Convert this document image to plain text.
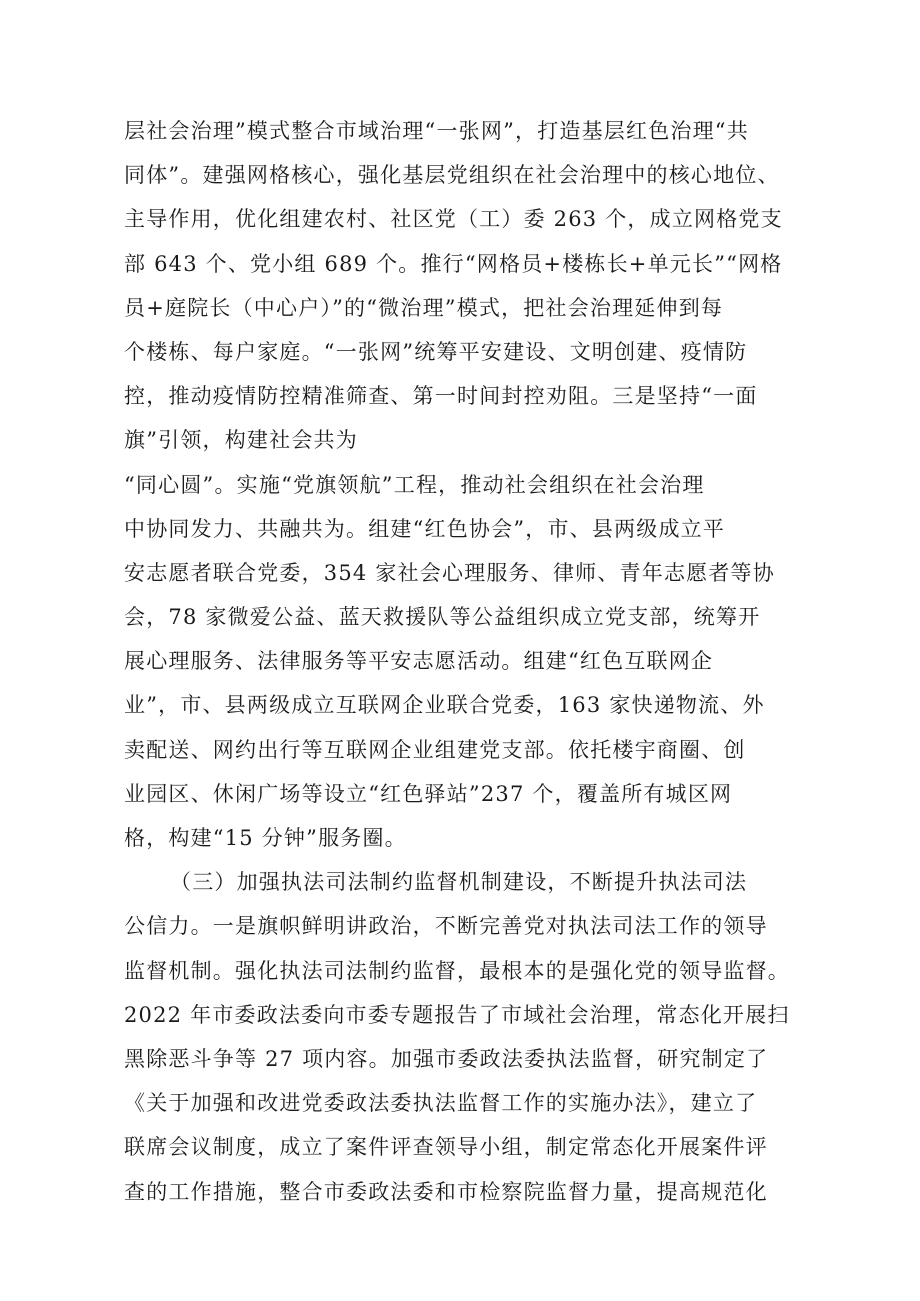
层社会治理”模式整合市域治理“一张网”，打造基层红色治理“共
同体”。建强网格核心，强化基层党组织在社会治理中的核心地位、
主导作用，优化组建农村、社区党（工）委 263 个，成立网格党支
部 643 个、党小组 689 个。推行“网格员+楼栋长+单元长”“网格
员+庭院长（中心户）”的“微治理”模式，把社会治理延伸到每
个楼栋、每户家庭。“一张网”统筹平安建设、文明创建、疫情防
控，推动疫情防控精准筛查、第一时间封控劝阻。三是坚持“一面
旗”引领，构建社会共为
“同心圆”。实施“党旗领航”工程，推动社会组织在社会治理
中协同发力、共融共为。组建“红色协会”，市、县两级成立平
安志愿者联合党委，354 家社会心理服务、律师、青年志愿者等协
会，78 家微爱公益、蓝天救援队等公益组织成立党支部，统筹开
展心理服务、法律服务等平安志愿活动。组建“红色互联网企
业”，市、县两级成立互联网企业联合党委，163 家快递物流、外
卖配送、网约出行等互联网企业组建党支部。依托楼宇商圈、创
业园区、休闲广场等设立“红色驿站”237 个，覆盖所有城区网
格，构建“15 分钟”服务圈。
（三）加强执法司法制约监督机制建设，不断提升执法司法
公信力。一是旗帜鲜明讲政治，不断完善党对执法司法工作的领导
监督机制。强化执法司法制约监督，最根本的是强化党的领导监督。
2022 年市委政法委向市委专题报告了市域社会治理，常态化开展扫
黑除恶斗争等 27 项内容。加强市委政法委执法监督，研究制定了
《关于加强和改进党委政法委执法监督工作的实施办法》，建立了
联席会议制度，成立了案件评查领导小组，制定常态化开展案件评
查的工作措施，整合市委政法委和市检察院监督力量，提高规范化
